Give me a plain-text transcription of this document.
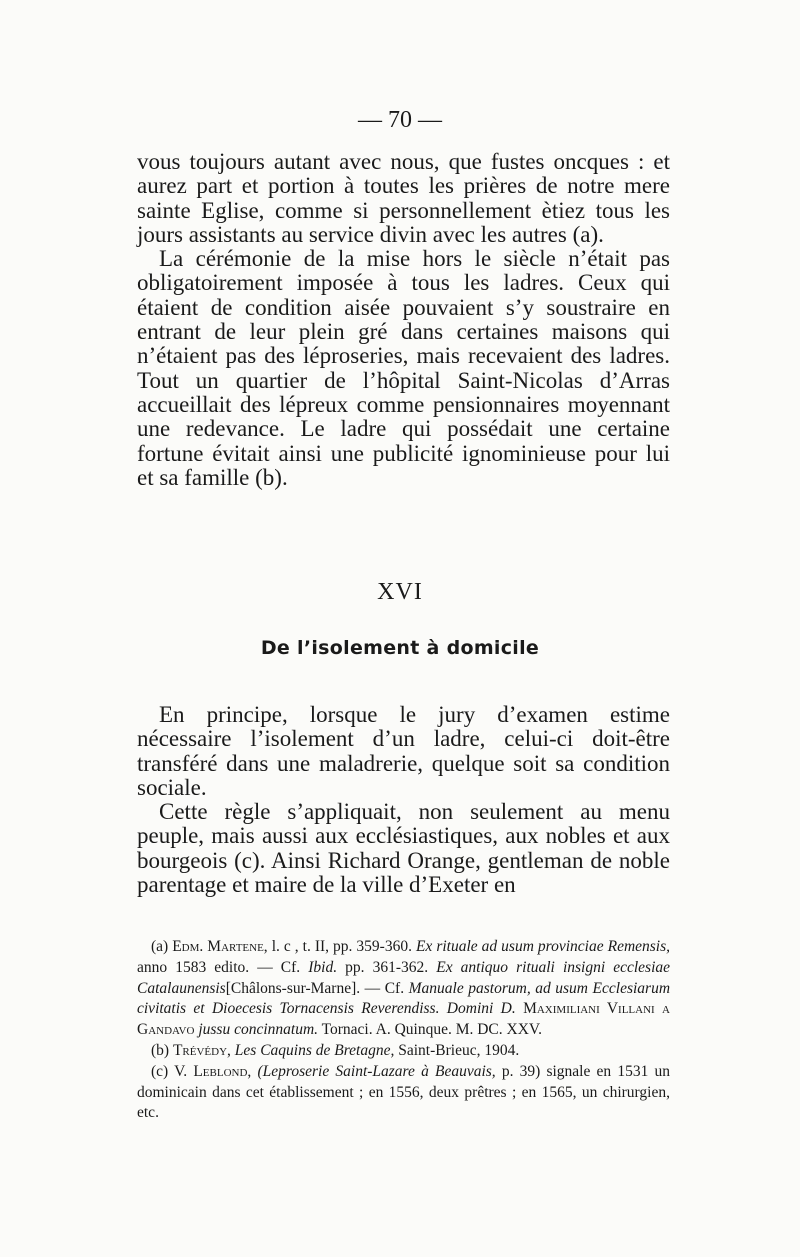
— 70 —

vous toujours autant avec nous, que fustes oncques : et aurez part et portion à toutes les prières de notre mere sainte Eglise, comme si personnellement ètiez tous les jours assistants au service divin avec les autres (a).

La cérémonie de la mise hors le siècle n’était pas obligatoirement imposée à tous les ladres. Ceux qui étaient de condition aisée pouvaient s’y soustraire en entrant de leur plein gré dans certaines maisons qui n’étaient pas des léproseries, mais recevaient des ladres. Tout un quartier de l’hôpital Saint-Nicolas d’Arras accueillait des lépreux comme pensionnaires moyennant une redevance. Le ladre qui possédait une certaine fortune évitait ainsi une publicité ignominieuse pour lui et sa famille (b).

XVI
De l’isolement à domicile

En principe, lorsque le jury d’examen estime nécessaire l’isolement d’un ladre, celui-ci doit-être transféré dans une maladrerie, quelque soit sa condition sociale.

Cette règle s’appliquait, non seulement au menu peuple, mais aussi aux ecclésiastiques, aux nobles et aux bourgeois (c). Ainsi Richard Orange, gentleman de noble parentage et maire de la ville d’Exeter en

(a) Edm. Martene, l. c , t. II, pp. 359-360. Ex rituale ad usum provinciae Remensis, anno 1583 edito. — Cf. Ibid. pp. 361-362. Ex antiquo rituali insigni ecclesiae Catalaunensis[Châlons-sur-Marne]. — Cf. Manuale pastorum, ad usum Ecclesiarum civitatis et Dioecesis Tornacensis Reverendiss. Domini D. Maximiliani Villani a Gandavo jussu concinnatum. Tornaci. A. Quinque. M. DC. XXV.

(b) Trévédy, Les Caquins de Bretagne, Saint-Brieuc, 1904.

(c) V. Leblond, (Leproserie Saint-Lazare à Beauvais, p. 39) signale en 1531 un dominicain dans cet établissement ; en 1556, deux prêtres ; en 1565, un chirurgien, etc.
